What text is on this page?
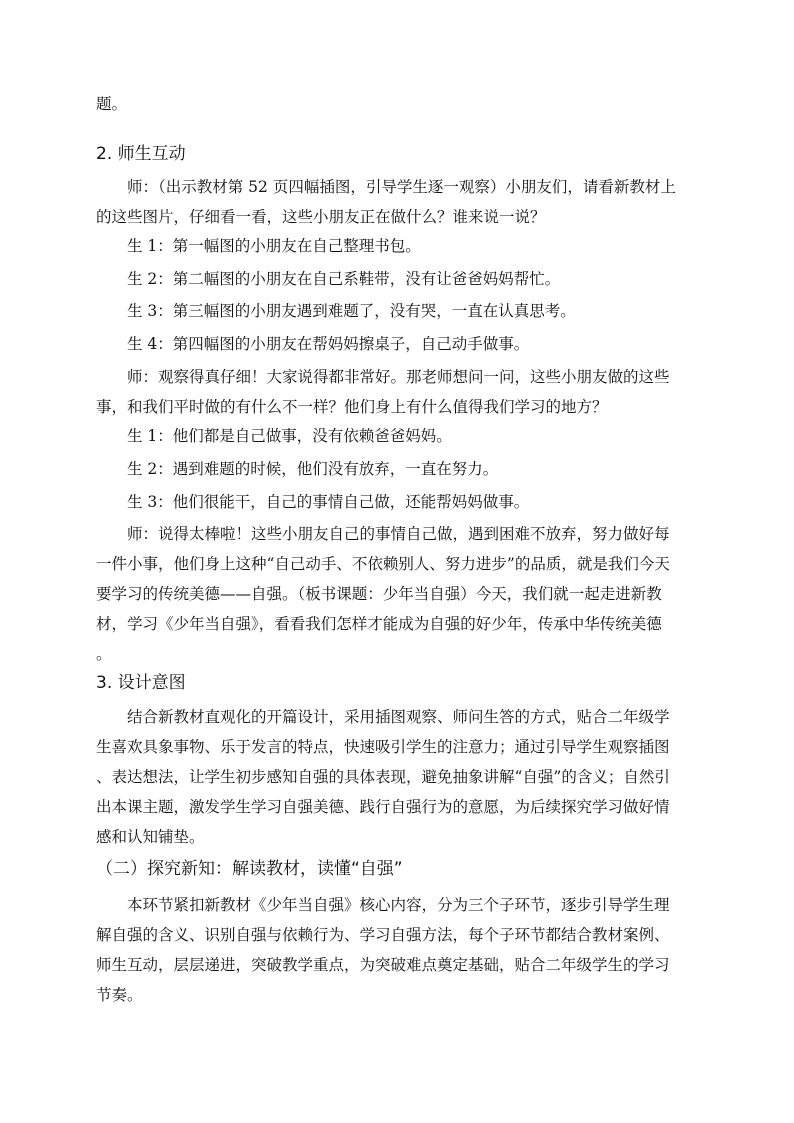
题。

2. 师生互动

师：（出示教材第 52 页四幅插图，引导学生逐一观察）小朋友们，请看新教材上
的这些图片，仔细看一看，这些小朋友正在做什么？谁来说一说？

生 1：第一幅图的小朋友在自己整理书包。

生 2：第二幅图的小朋友在自己系鞋带，没有让爸爸妈妈帮忙。

生 3：第三幅图的小朋友遇到难题了，没有哭，一直在认真思考。

生 4：第四幅图的小朋友在帮妈妈擦桌子，自己动手做事。

师：观察得真仔细！大家说得都非常好。那老师想问一问，这些小朋友做的这些
事，和我们平时做的有什么不一样？他们身上有什么值得我们学习的地方？

生 1：他们都是自己做事，没有依赖爸爸妈妈。

生 2：遇到难题的时候，他们没有放弃，一直在努力。

生 3：他们很能干，自己的事情自己做，还能帮妈妈做事。

师：说得太棒啦！这些小朋友自己的事情自己做，遇到困难不放弃，努力做好每
一件小事，他们身上这种“自己动手、不依赖别人、努力进步”的品质，就是我们今天
要学习的传统美德——自强。（板书课题：少年当自强）今天，我们就一起走进新教
材，学习《少年当自强》，看看我们怎样才能成为自强的好少年，传承中华传统美德
。

3. 设计意图

结合新教材直观化的开篇设计，采用插图观察、师问生答的方式，贴合二年级学
生喜欢具象事物、乐于发言的特点，快速吸引学生的注意力；通过引导学生观察插图
、表达想法，让学生初步感知自强的具体表现，避免抽象讲解“自强”的含义；自然引
出本课主题，激发学生学习自强美德、践行自强行为的意愿，为后续探究学习做好情
感和认知铺垫。

（二）探究新知：解读教材，读懂“自强”

本环节紧扣新教材《少年当自强》核心内容，分为三个子环节，逐步引导学生理
解自强的含义、识别自强与依赖行为、学习自强方法，每个子环节都结合教材案例、
师生互动，层层递进，突破教学重点，为突破难点奠定基础，贴合二年级学生的学习
节奏。
